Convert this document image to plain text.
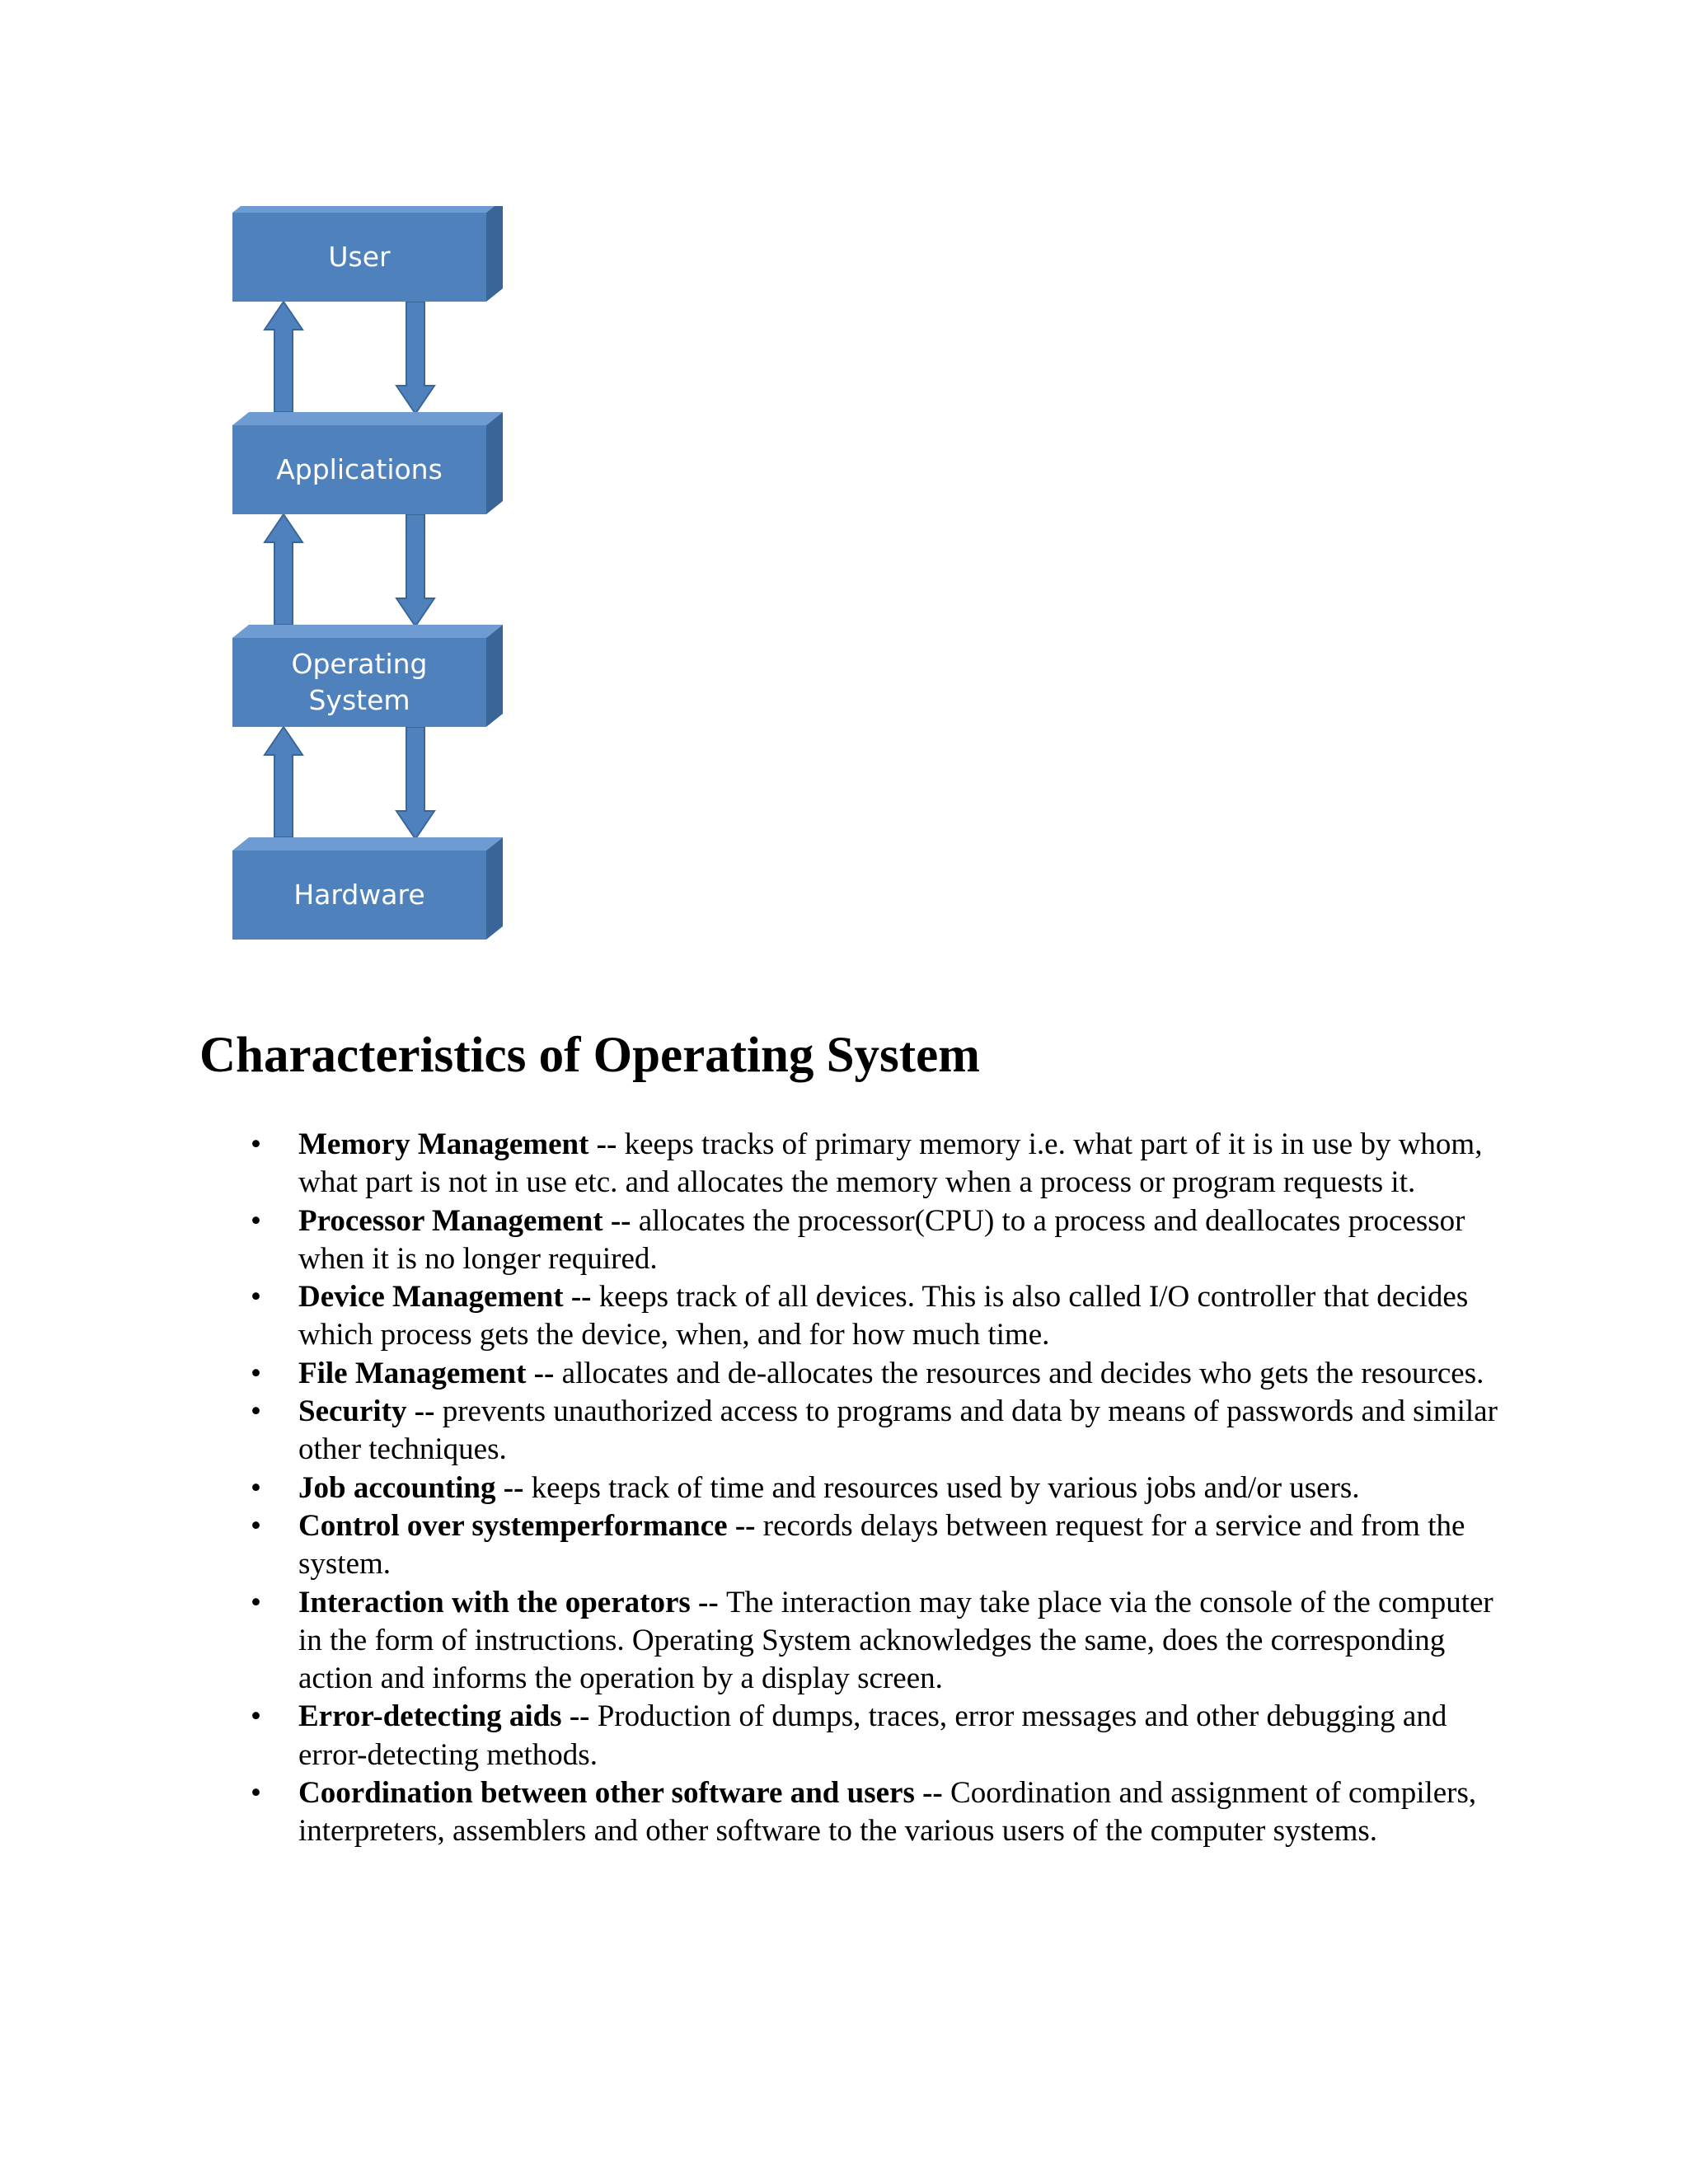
User
Applications
Operating
System
Hardware
Characteristics of Operating System
• Memory Management -- keeps tracks of primary memory i.e. what part of it is in use by whom, what part is not in use etc. and allocates the memory when a process or program requests it.
• Processor Management -- allocates the processor(CPU) to a process and deallocates processor when it is no longer required.
• Device Management -- keeps track of all devices. This is also called I/O controller that decides which process gets the device, when, and for how much time.
• File Management -- allocates and de-allocates the resources and decides who gets the resources.
• Security -- prevents unauthorized access to programs and data by means of passwords and similar other techniques.
• Job accounting -- keeps track of time and resources used by various jobs and/or users.
• Control over systemperformance -- records delays between request for a service and from the system.
• Interaction with the operators -- The interaction may take place via the console of the computer in the form of instructions. Operating System acknowledges the same, does the corresponding action and informs the operation by a display screen.
• Error-detecting aids -- Production of dumps, traces, error messages and other debugging and error-detecting methods.
• Coordination between other software and users -- Coordination and assignment of compilers, interpreters, assemblers and other software to the various users of the computer systems.
